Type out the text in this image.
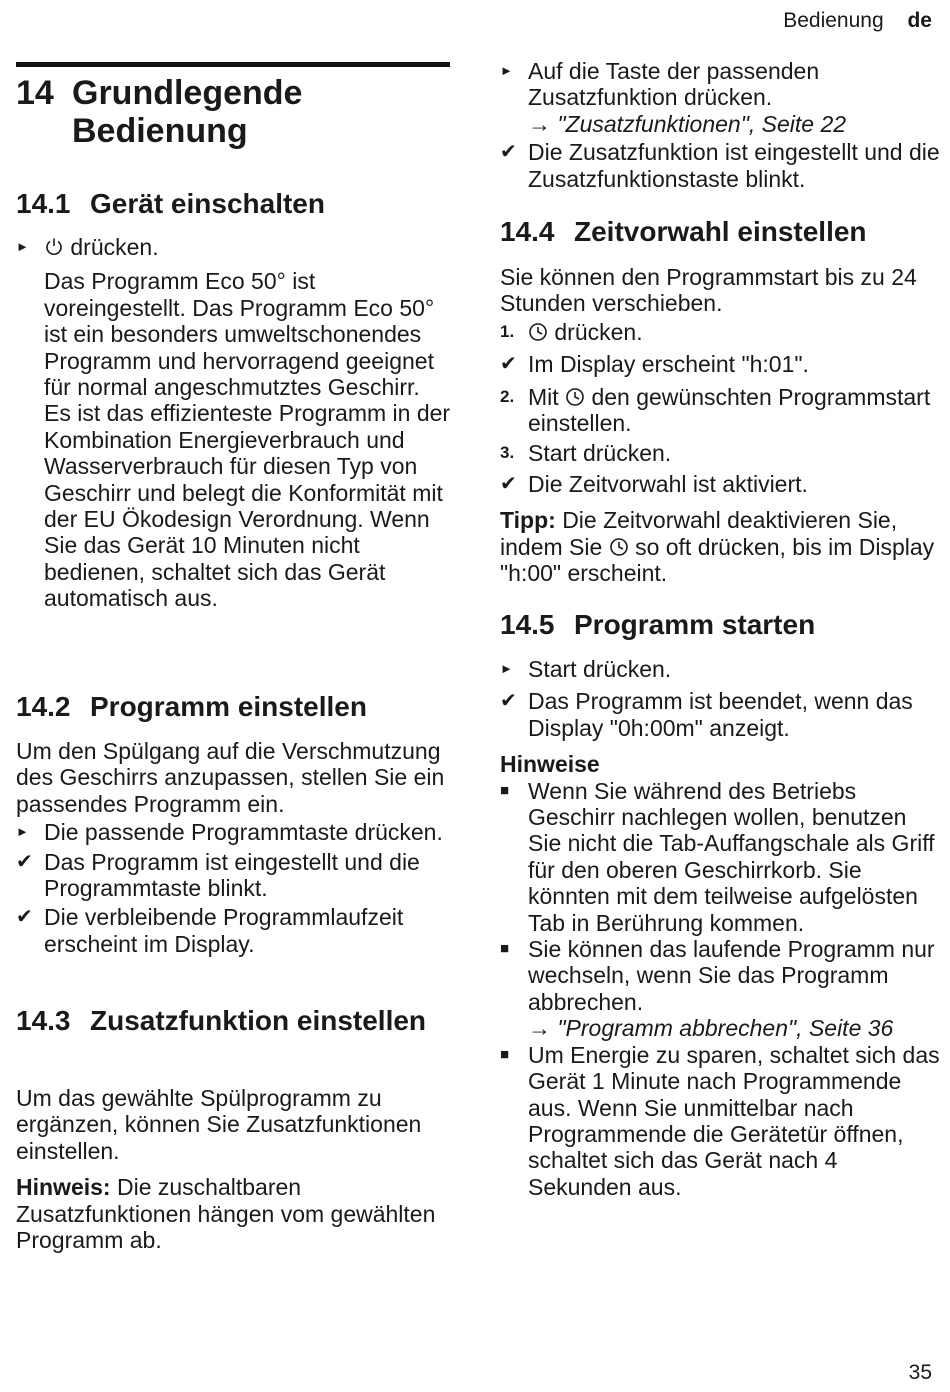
Bedienung de
14 Grundlegende Bedienung
14.1 Gerät einschalten
►	drücken.

Das Programm Eco 50° ist voreingestellt. Das Programm Eco 50° ist ein besonders umweltschonendes Programm und hervorragend geeignet für normal angeschmutztes Geschirr. Es ist das effizienteste Programm in der Kombination Energieverbrauch und Wasserverbrauch für diesen Typ von Geschirr und belegt die Konformität mit der EU Ökodesign Verordnung. Wenn Sie das Gerät 10 Minuten nicht bedienen, schaltet sich das Gerät automatisch aus.

14.2 Programm einstellen

Um den Spülgang auf die Verschmutzung des Geschirrs anzupassen, stellen Sie ein passendes Programm ein.

► Die passende Programmtaste drücken.
✔ Das Programm ist eingestellt und die Programmtaste blinkt.
✔ Die verbleibende Programmlaufzeit erscheint im Display.
14.3 Zusatzfunktion einstellen

Um das gewählte Spülprogramm zu ergänzen, können Sie Zusatzfunktionen einstellen.

Hinweis: Die zuschaltbaren Zusatzfunktionen hängen vom gewählten Programm ab.

► Auf die Taste der passenden Zusatzfunktion drücken.
→ "Zusatzfunktionen", Seite 22
✔ Die Zusatzfunktion ist eingestellt und die Zusatzfunktionstaste blinkt.
14.4 Zeitvorwahl einstellen

Sie können den Programmstart bis zu 24 Stunden verschieben.

1.	drücken.
✔ Im Display erscheint "h:01".
2. Mit den gewünschten Programmstart einstellen.
3. Start drücken.
✔ Die Zeitvorwahl ist aktiviert.

Tipp: Die Zeitvorwahl deaktivieren Sie, indem Sie so oft drücken, bis im Display "h:00" erscheint.

14.5 Programm starten
► Start drücken.
✔ Das Programm ist beendet, wenn das Display "0h:00m" anzeigt.

Hinweise

■ Wenn Sie während des Betriebs Geschirr nachlegen wollen, benutzen Sie nicht die Tab-Auffangschale als Griff für den oberen Geschirrkorb. Sie könnten mit dem teilweise aufgelösten Tab in Berührung kommen.
■ Sie können das laufende Programm nur wechseln, wenn Sie das Programm abbrechen.
→ "Programm abbrechen", Seite 36
■ Um Energie zu sparen, schaltet sich das Gerät 1 Minute nach Programmende aus. Wenn Sie unmittelbar nach Programmende die Gerätetür öffnen, schaltet sich das Gerät nach 4 Sekunden aus.
35
